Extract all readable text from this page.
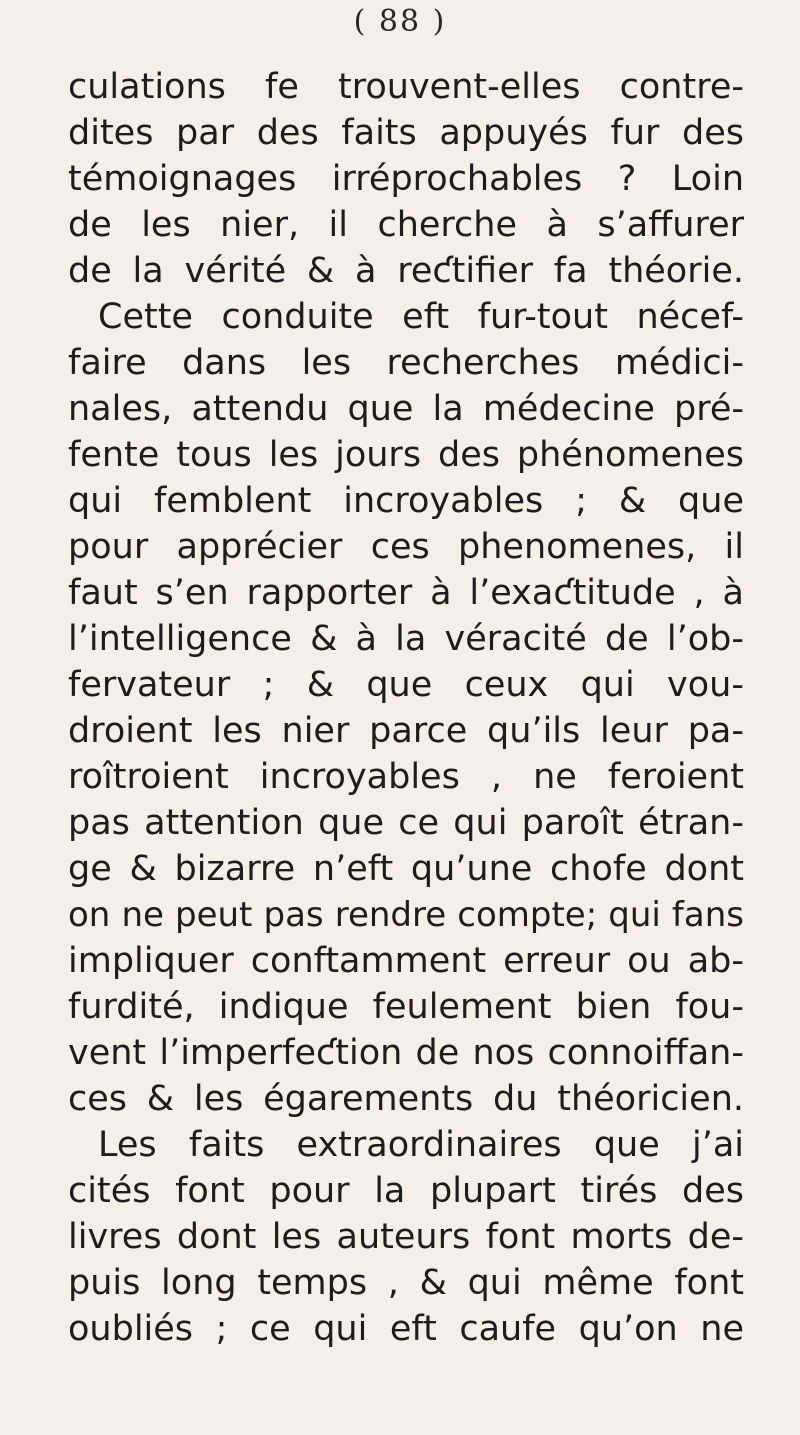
( 88 )
culations fe trouvent-elles contre-
dites par des faits appuyés fur des
témoignages irréprochables ? Loin
de les nier, il cherche à s’affurer
de la vérité & à reƈtifier fa théorie.
Cette conduite eft fur-tout nécef-
faire dans les recherches médici-
nales, attendu que la médecine pré-
fente tous les jours des phénomenes
qui femblent incroyables ; & que
pour apprécier ces phenomenes, il
faut s’en rapporter à l’exaƈtitude , à
l’intelligence & à la véracité de l’ob-
fervateur ; & que ceux qui vou-
droient les nier parce qu’ils leur pa-
roîtroient incroyables , ne feroient
pas attention que ce qui paroît étran-
ge & bizarre n’eft qu’une chofe dont
on ne peut pas rendre compte; qui fans
impliquer conftamment erreur ou ab-
furdité, indique feulement bien fou-
vent l’imperfeƈtion de nos connoiffan-
ces & les égarements du théoricien.
Les faits extraordinaires que j’ai
cités font pour la plupart tirés des
livres dont les auteurs font morts de-
puis long temps , & qui même font
oubliés ; ce qui eft caufe qu’on ne
